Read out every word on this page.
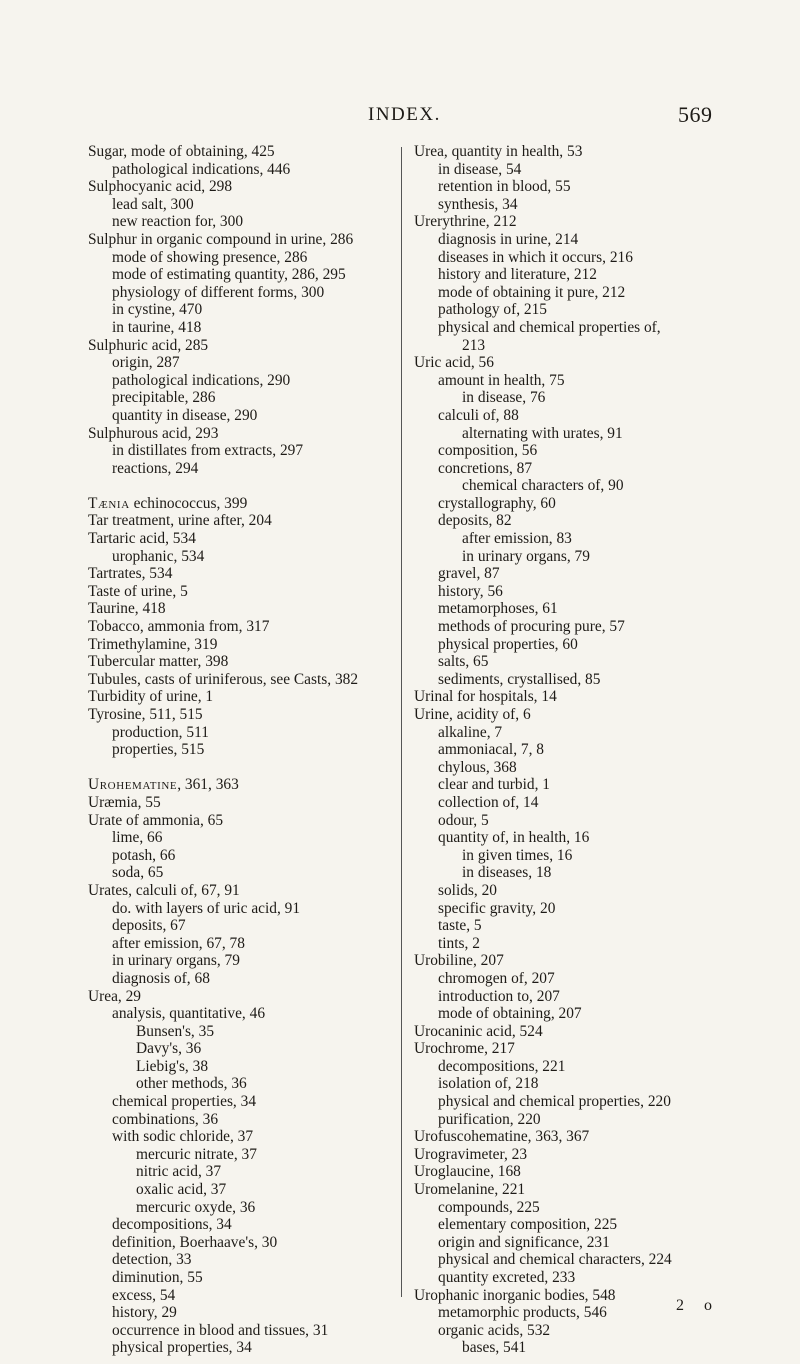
INDEX.	569
Sugar, mode of obtaining, 425
pathological indications, 446
Sulphocyanic acid, 298
lead salt, 300
new reaction for, 300
Sulphur in organic compound in urine, 286
mode of showing presence, 286
mode of estimating quantity, 286, 295
physiology of different forms, 300
in cystine, 470
in taurine, 418
Sulphuric acid, 285
origin, 287
pathological indications, 290
precipitable, 286
quantity in disease, 290
Sulphurous acid, 293
in distillates from extracts, 297
reactions, 294
Tænia echinococcus, 399
Tar treatment, urine after, 204
Tartaric acid, 534
urophanic, 534
Tartrates, 534
Taste of urine, 5
Taurine, 418
Tobacco, ammonia from, 317
Trimethylamine, 319
Tubercular matter, 398
Tubules, casts of uriniferous, see Casts, 382
Turbidity of urine, 1
Tyrosine, 511, 515
production, 511
properties, 515
Urohematine, 361, 363
Uræmia, 55
Urate of ammonia, 65
lime, 66
potash, 66
soda, 65
Urates, calculi of, 67, 91
do. with layers of uric acid, 91
deposits, 67
after emission, 67, 78
in urinary organs, 79
diagnosis of, 68
Urea, 29
analysis, quantitative, 46
Bunsen's, 35
Davy's, 36
Liebig's, 38
other methods, 36
chemical properties, 34
combinations, 36
with sodic chloride, 37
mercuric nitrate, 37
nitric acid, 37
oxalic acid, 37
mercuric oxyde, 36
decompositions, 34
definition, Boerhaave's, 30
detection, 33
diminution, 55
excess, 54
history, 29
occurrence in blood and tissues, 31
physical properties, 34
Urea, quantity in health, 53
in disease, 54
retention in blood, 55
synthesis, 34
Urerythrine, 212
diagnosis in urine, 214
diseases in which it occurs, 216
history and literature, 212
mode of obtaining it pure, 212
pathology of, 215
physical and chemical properties of,
213
Uric acid, 56
amount in health, 75
in disease, 76
calculi of, 88
alternating with urates, 91
composition, 56
concretions, 87
chemical characters of, 90
crystallography, 60
deposits, 82
after emission, 83
in urinary organs, 79
gravel, 87
history, 56
metamorphoses, 61
methods of procuring pure, 57
physical properties, 60
salts, 65
sediments, crystallised, 85
Urinal for hospitals, 14
Urine, acidity of, 6
alkaline, 7
ammoniacal, 7, 8
chylous, 368
clear and turbid, 1
collection of, 14
odour, 5
quantity of, in health, 16
in given times, 16
in diseases, 18
solids, 20
specific gravity, 20
taste, 5
tints, 2
Urobiline, 207
chromogen of, 207
introduction to, 207
mode of obtaining, 207
Urocaninic acid, 524
Urochrome, 217
decompositions, 221
isolation of, 218
physical and chemical properties, 220
purification, 220
Urofuscohematine, 363, 367
Urogravimeter, 23
Uroglaucine, 168
Uromelanine, 221
compounds, 225
elementary composition, 225
origin and significance, 231
physical and chemical characters, 224
quantity excreted, 233
Urophanic inorganic bodies, 548
metamorphic products, 546
organic acids, 532
bases, 541
2 o
